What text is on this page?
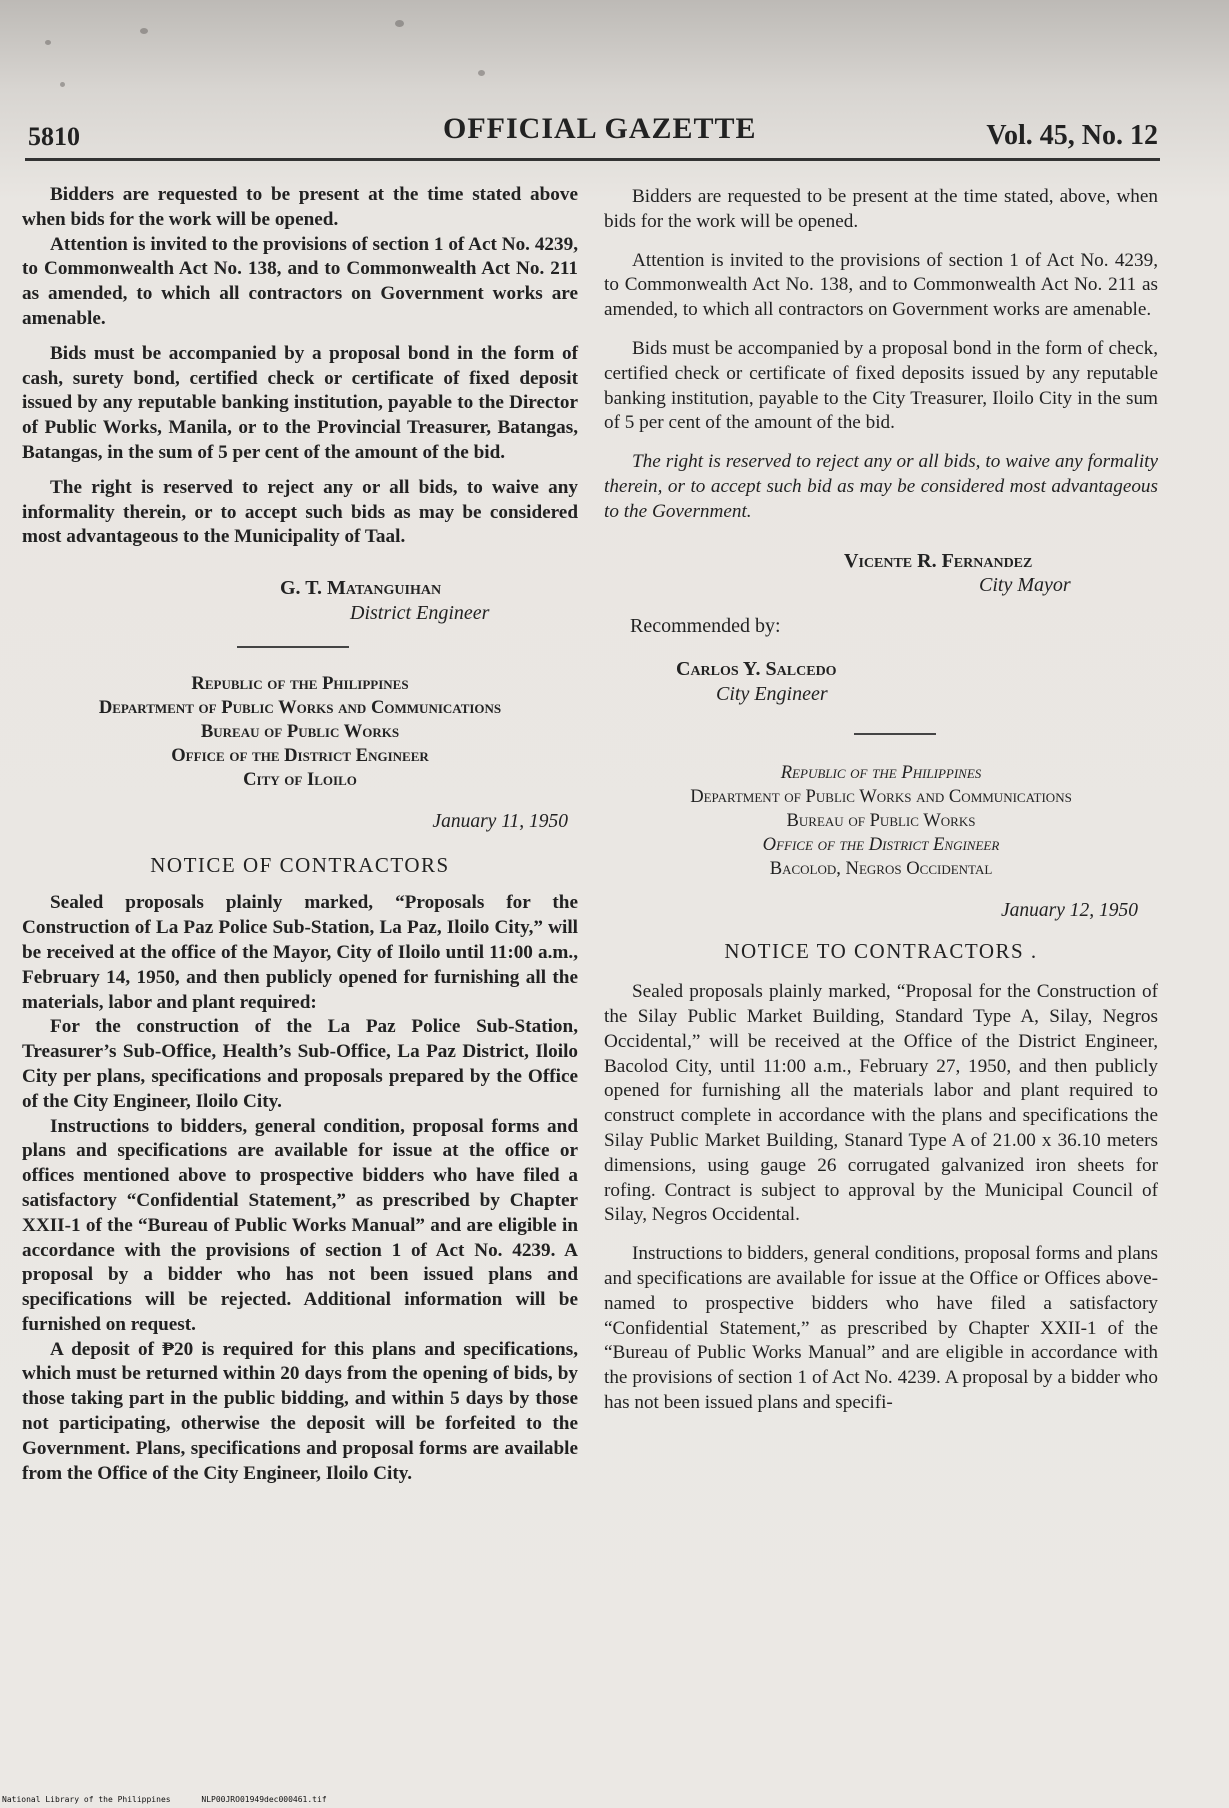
5810	OFFICIAL GAZETTE	Vol. 45, No. 12

Bidders are requested to be present at the time stated above when bids for the work will be opened.

Attention is invited to the provisions of section 1 of Act No. 4239, to Commonwealth Act No. 138, and to Commonwealth Act No. 211 as amended, to which all contractors on Government works are amenable.

Bids must be accompanied by a proposal bond in the form of cash, surety bond, certified check or certificate of fixed deposit issued by any reputable banking institution, payable to the Director of Public Works, Manila, or to the Provincial Treasurer, Batangas, Batangas, in the sum of 5 per cent of the amount of the bid.

The right is reserved to reject any or all bids, to waive any informality therein, or to accept such bids as may be considered most advantageous to the Municipality of Taal.

G. T. Matanguihan
District Engineer
Republic of the Philippines
Department of Public Works and Communications
Bureau of Public Works
Office of the District Engineer
City of Iloilo
January 11, 1950
NOTICE OF CONTRACTORS

Sealed proposals plainly marked, “Proposals for the Construction of La Paz Police Sub-Station, La Paz, Iloilo City,” will be received at the office of the Mayor, City of Iloilo until 11:00 a.m., February 14, 1950, and then publicly opened for furnishing all the materials, labor and plant required:

For the construction of the La Paz Police Sub-Station, Treasurer’s Sub-Office, Health’s Sub-Office, La Paz District, Iloilo City per plans, specifications and proposals prepared by the Office of the City Engineer, Iloilo City.

Instructions to bidders, general condition, proposal forms and plans and specifications are available for issue at the office or offices mentioned above to prospective bidders who have filed a satisfactory “Confidential Statement,” as prescribed by Chapter XXII-1 of the “Bureau of Public Works Manual” and are eligible in accordance with the provisions of section 1 of Act No. 4239. A proposal by a bidder who has not been issued plans and specifications will be rejected. Additional information will be furnished on request.

A deposit of ₱20 is required for this plans and specifications, which must be returned within 20 days from the opening of bids, by those taking part in the public bidding, and within 5 days by those not participating, otherwise the deposit will be forfeited to the Government. Plans, specifications and proposal forms are available from the Office of the City Engineer, Iloilo City.

Bidders are requested to be present at the time stated, above, when bids for the work will be opened.

Attention is invited to the provisions of section 1 of Act No. 4239, to Commonwealth Act No. 138, and to Commonwealth Act No. 211 as amended, to which all contractors on Government works are amenable.

Bids must be accompanied by a proposal bond in the form of check, certified check or certificate of fixed deposits issued by any reputable banking institution, payable to the City Treasurer, Iloilo City in the sum of 5 per cent of the amount of the bid.

The right is reserved to reject any or all bids, to waive any formality therein, or to accept such bid as may be considered most advantageous to the Government.

Vicente R. Fernandez
City Mayor
Recommended by:
Carlos Y. Salcedo
City Engineer
Republic of the Philippines
Department of Public Works and Communications
Bureau of Public Works
Office of the District Engineer
Bacolod, Negros Occidental
January 12, 1950
NOTICE TO CONTRACTORS .

Sealed proposals plainly marked, “Proposal for the Construction of the Silay Public Market Building, Standard Type A, Silay, Negros Occidental,” will be received at the Office of the District Engineer, Bacolod City, until 11:00 a.m., February 27, 1950, and then publicly opened for furnishing all the materials labor and plant required to construct complete in accordance with the plans and specifications the Silay Public Market Building, Stanard Type A of 21.00 x 36.10 meters dimensions, using gauge 26 corrugated galvanized iron sheets for rofing. Contract is subject to approval by the Municipal Council of Silay, Negros Occidental.

Instructions to bidders, general conditions, proposal forms and plans and specifications are available for issue at the Office or Offices above-named to prospective bidders who have filed a satisfactory “Confidential Statement,” as prescribed by Chapter XXII-1 of the “Bureau of Public Works Manual” and are eligible in accordance with the provisions of section 1 of Act No. 4239. A proposal by a bidder who has not been issued plans and specifi-

National Library of the Philippines	NLP00JRO01949dec000461.tif
